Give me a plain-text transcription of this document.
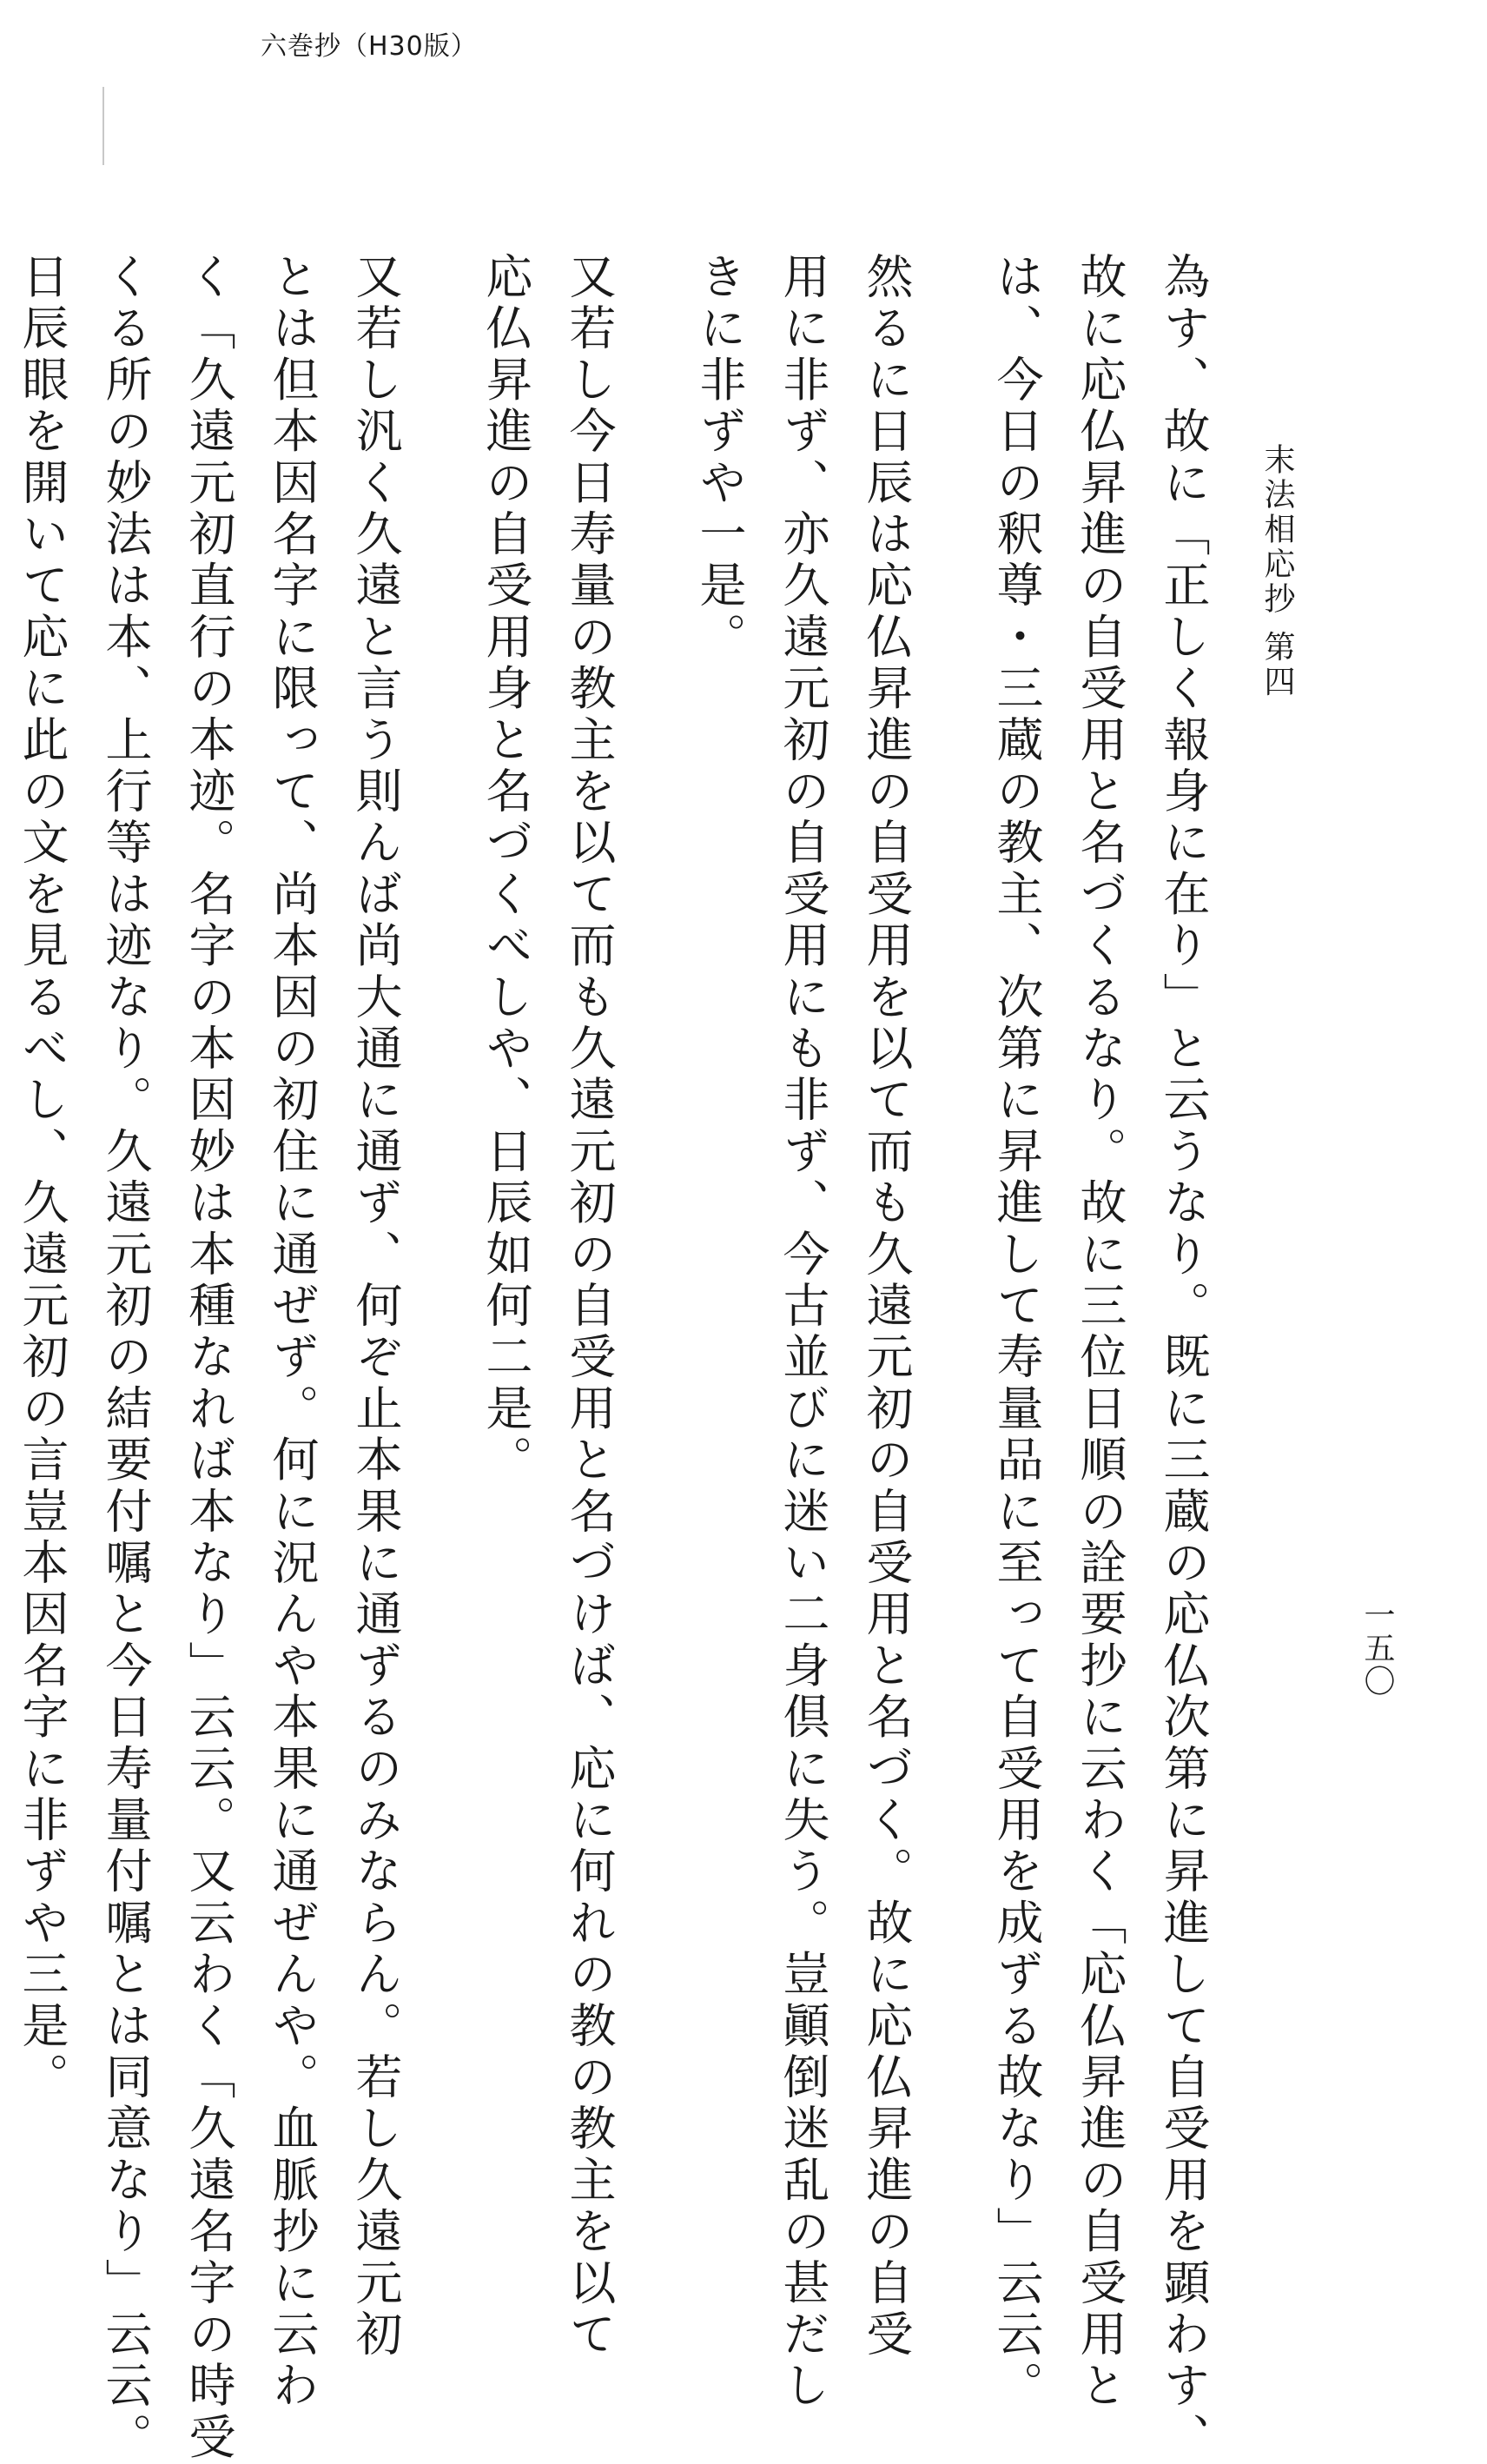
六巻抄（H30版）
末法相応抄 第四
一五〇
為す、故に「正しく報身に在り」と云うなり。既に三蔵の応仏次第に昇進して自受用を顕わす、
故に応仏昇進の自受用と名づくるなり。故に三位日順の詮要抄に云わく「応仏昇進の自受用と
は、今日の釈尊・三蔵の教主、次第に昇進して寿量品に至って自受用を成ずる故なり」云云。
然るに日辰は応仏昇進の自受用を以て而も久遠元初の自受用と名づく。故に応仏昇進の自受
用に非ず、亦久遠元初の自受用にも非ず、今古並びに迷い二身倶に失う。豈顚倒迷乱の甚だし
きに非ずや一是。
又若し今日寿量の教主を以て而も久遠元初の自受用と名づけば、応に何れの教の教主を以て
応仏昇進の自受用身と名づくべしや、日辰如何二是。
又若し汎く久遠と言う則んば尚大通に通ず、何ぞ止本果に通ずるのみならん。若し久遠元初
とは但本因名字に限って、尚本因の初住に通ぜず。何に況んや本果に通ぜんや。血脈抄に云わ
く「久遠元初直行の本迹。名字の本因妙は本種なれば本なり」云云。又云わく「久遠名字の時受
くる所の妙法は本、上行等は迹なり。久遠元初の結要付嘱と今日寿量付嘱とは同意なり」云云。
日辰眼を開いて応に此の文を見るべし、久遠元初の言豈本因名字に非ずや三是。
